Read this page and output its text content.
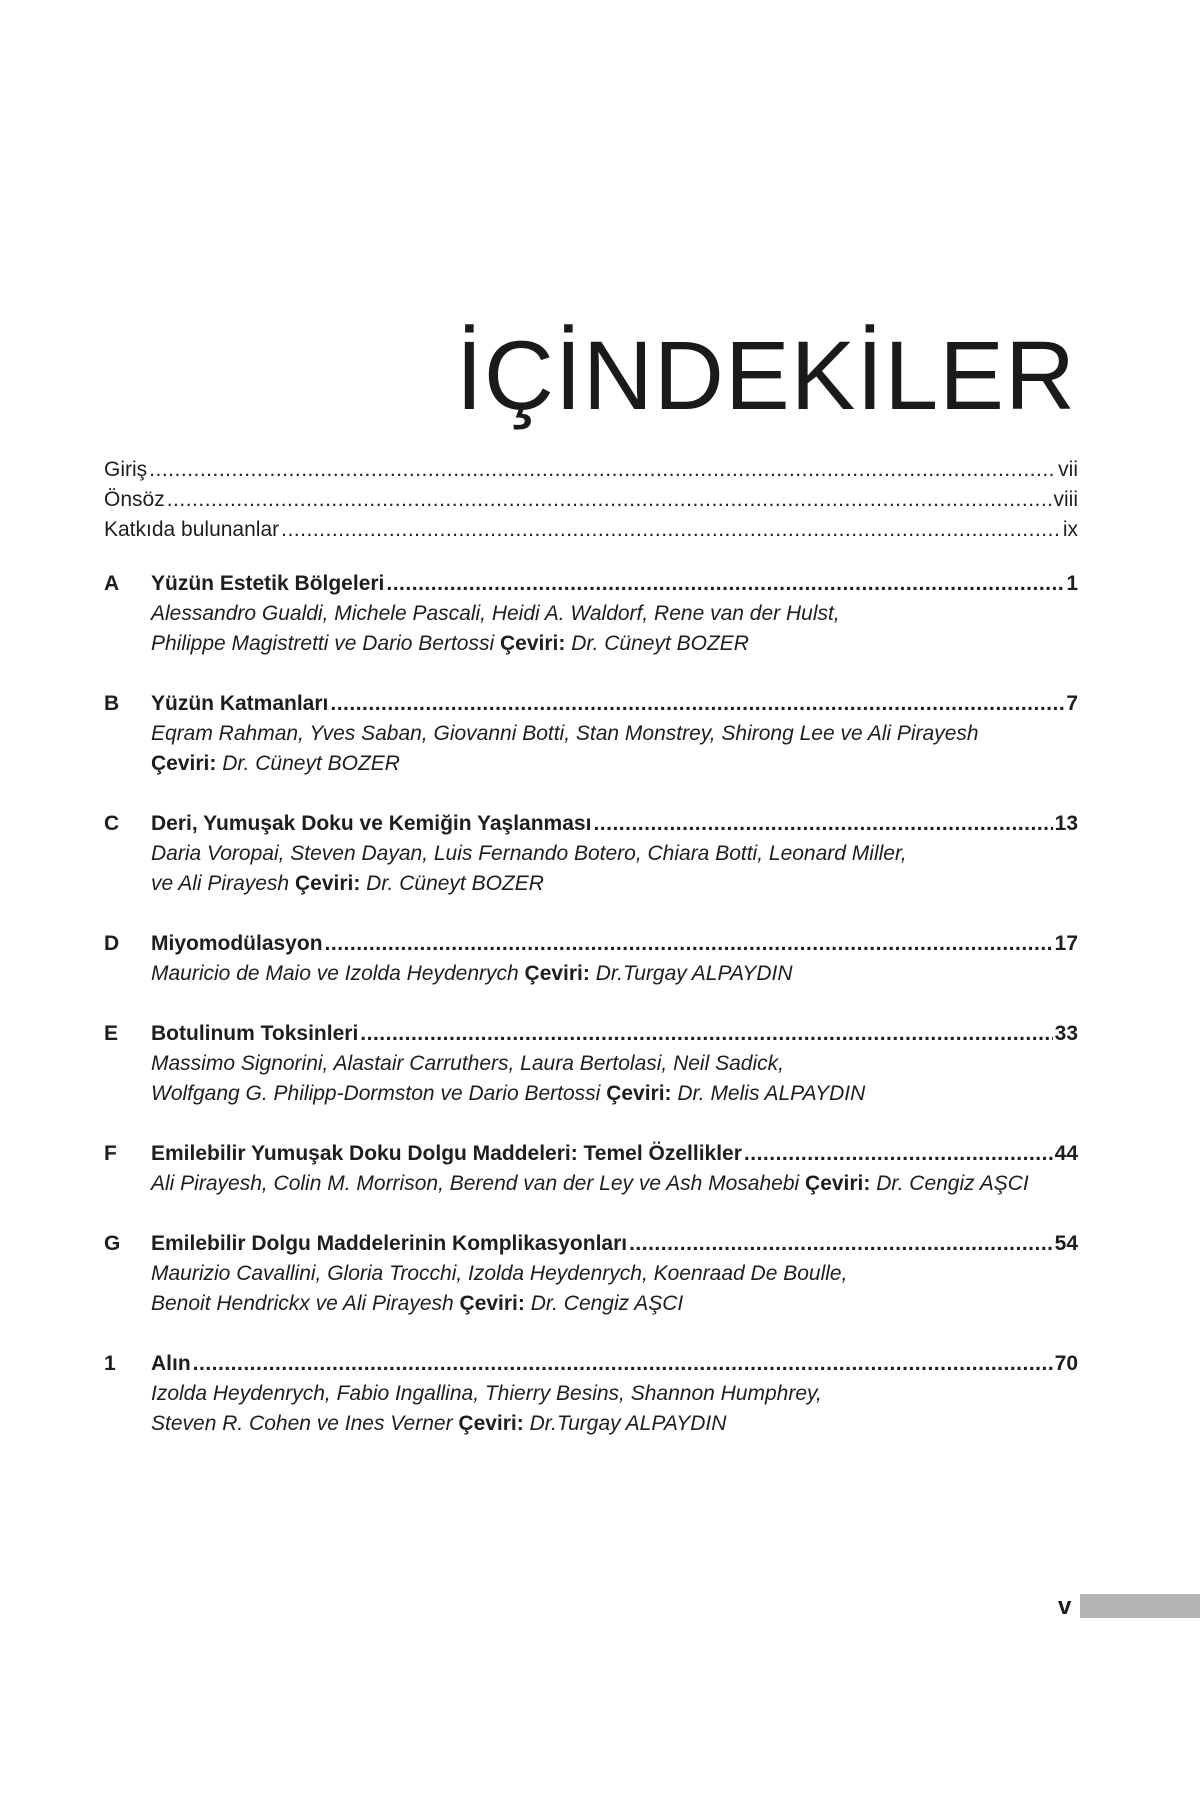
İÇİNDEKİLER
Giriş .....	vii
Önsöz .....	viii
Katkıda bulunanlar .....	ix
A	Yüzün Estetik Bölgeleri .....	1
Alessandro Gualdi, Michele Pascali, Heidi A. Waldorf, Rene van der Hulst,
Philippe Magistretti ve Dario Bertossi Çeviri: Dr. Cüneyt BOZER
B	Yüzün Katmanları .....	7
Eqram Rahman, Yves Saban, Giovanni Botti, Stan Monstrey, Shirong Lee ve Ali Pirayesh
Çeviri: Dr. Cüneyt BOZER
C	Deri, Yumuşak Doku ve Kemiğin Yaşlanması .....	13
Daria Voropai, Steven Dayan, Luis Fernando Botero, Chiara Botti, Leonard Miller,
ve Ali Pirayesh Çeviri: Dr. Cüneyt BOZER
D	Miyomodülasyon .....	17
Mauricio de Maio ve Izolda Heydenrych Çeviri: Dr.Turgay ALPAYDIN
E	Botulinum Toksinleri .....	33
Massimo Signorini, Alastair Carruthers, Laura Bertolasi, Neil Sadick,
Wolfgang G. Philipp-Dormston ve Dario Bertossi Çeviri: Dr. Melis ALPAYDIN
F	Emilebilir Yumuşak Doku Dolgu Maddeleri: Temel Özellikler .....	44
Ali Pirayesh, Colin M. Morrison, Berend van der Ley ve Ash Mosahebi Çeviri: Dr. Cengiz AŞCI
G	Emilebilir Dolgu Maddelerinin Komplikasyonları .....	54
Maurizio Cavallini, Gloria Trocchi, Izolda Heydenrych, Koenraad De Boulle,
Benoit Hendrickx ve Ali Pirayesh Çeviri: Dr. Cengiz AŞCI
1	Alın .....	70
Izolda Heydenrych, Fabio Ingallina, Thierry Besins, Shannon Humphrey,
Steven R. Cohen ve Ines Verner Çeviri: Dr.Turgay ALPAYDIN
v
